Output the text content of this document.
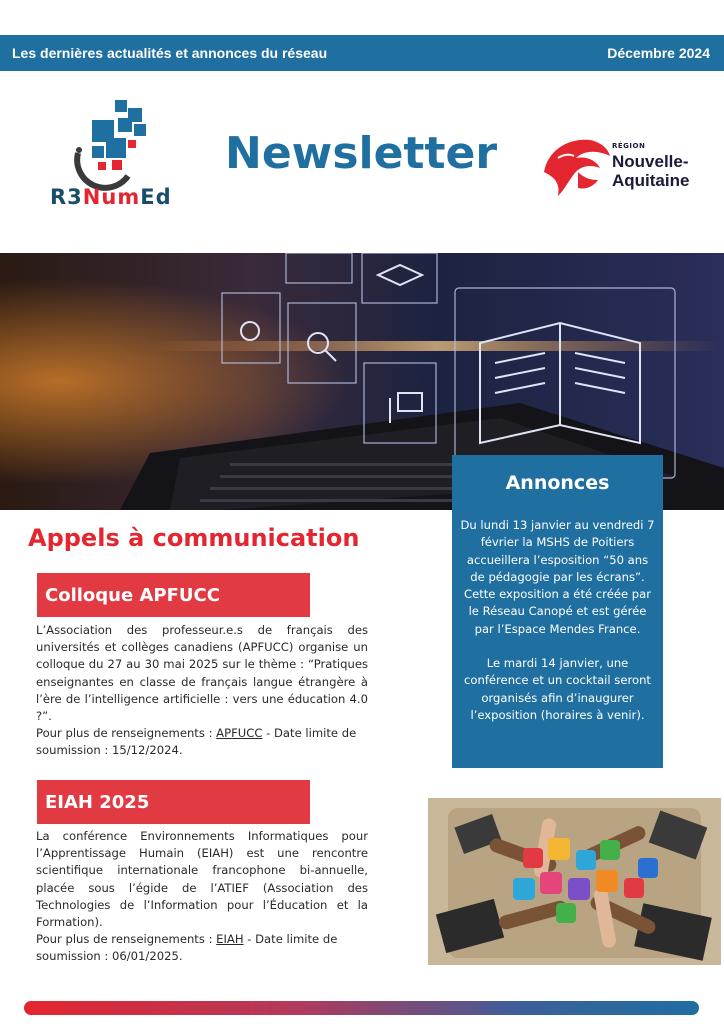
Les dernières actualités et annonces du réseau	Décembre 2024
R3NumEd
Newsletter	RÉGION
Nouvelle-
Aquitaine
Annonces

Du lundi 13 janvier au vendredi 7 février la MSHS de Poitiers accueillera l’esposition “50 ans de pédagogie par les écrans”. Cette exposition a été créée par le Réseau Canopé et est gérée par l’Espace Mendes France.

Le mardi 14 janvier, une conférence et un cocktail seront organisés afin d’inaugurer l’exposition (horaires à venir).

Appels à communication
Colloque APFUCC
L’Association des professeur.e.s de français des universités et collèges canadiens (APFUCC) organise un colloque du 27 au 30 mai 2025 sur le thème : “Pratiques enseignantes en classe de français langue étrangère à l’ère de l’intelligence artificielle : vers une éducation 4.0 ?”.
Pour plus de renseignements : APFUCC - Date limite de soumission : 15/12/2024.
EIAH 2025
La conférence Environnements Informatiques pour l’Apprentissage Humain (EIAH) est une rencontre scientifique internationale francophone bi-annuelle, placée sous l’égide de l’ATIEF (Association des Technologies de l’Information pour l’Éducation et la Formation).
Pour plus de renseignements : EIAH - Date limite de soumission : 06/01/2025.
